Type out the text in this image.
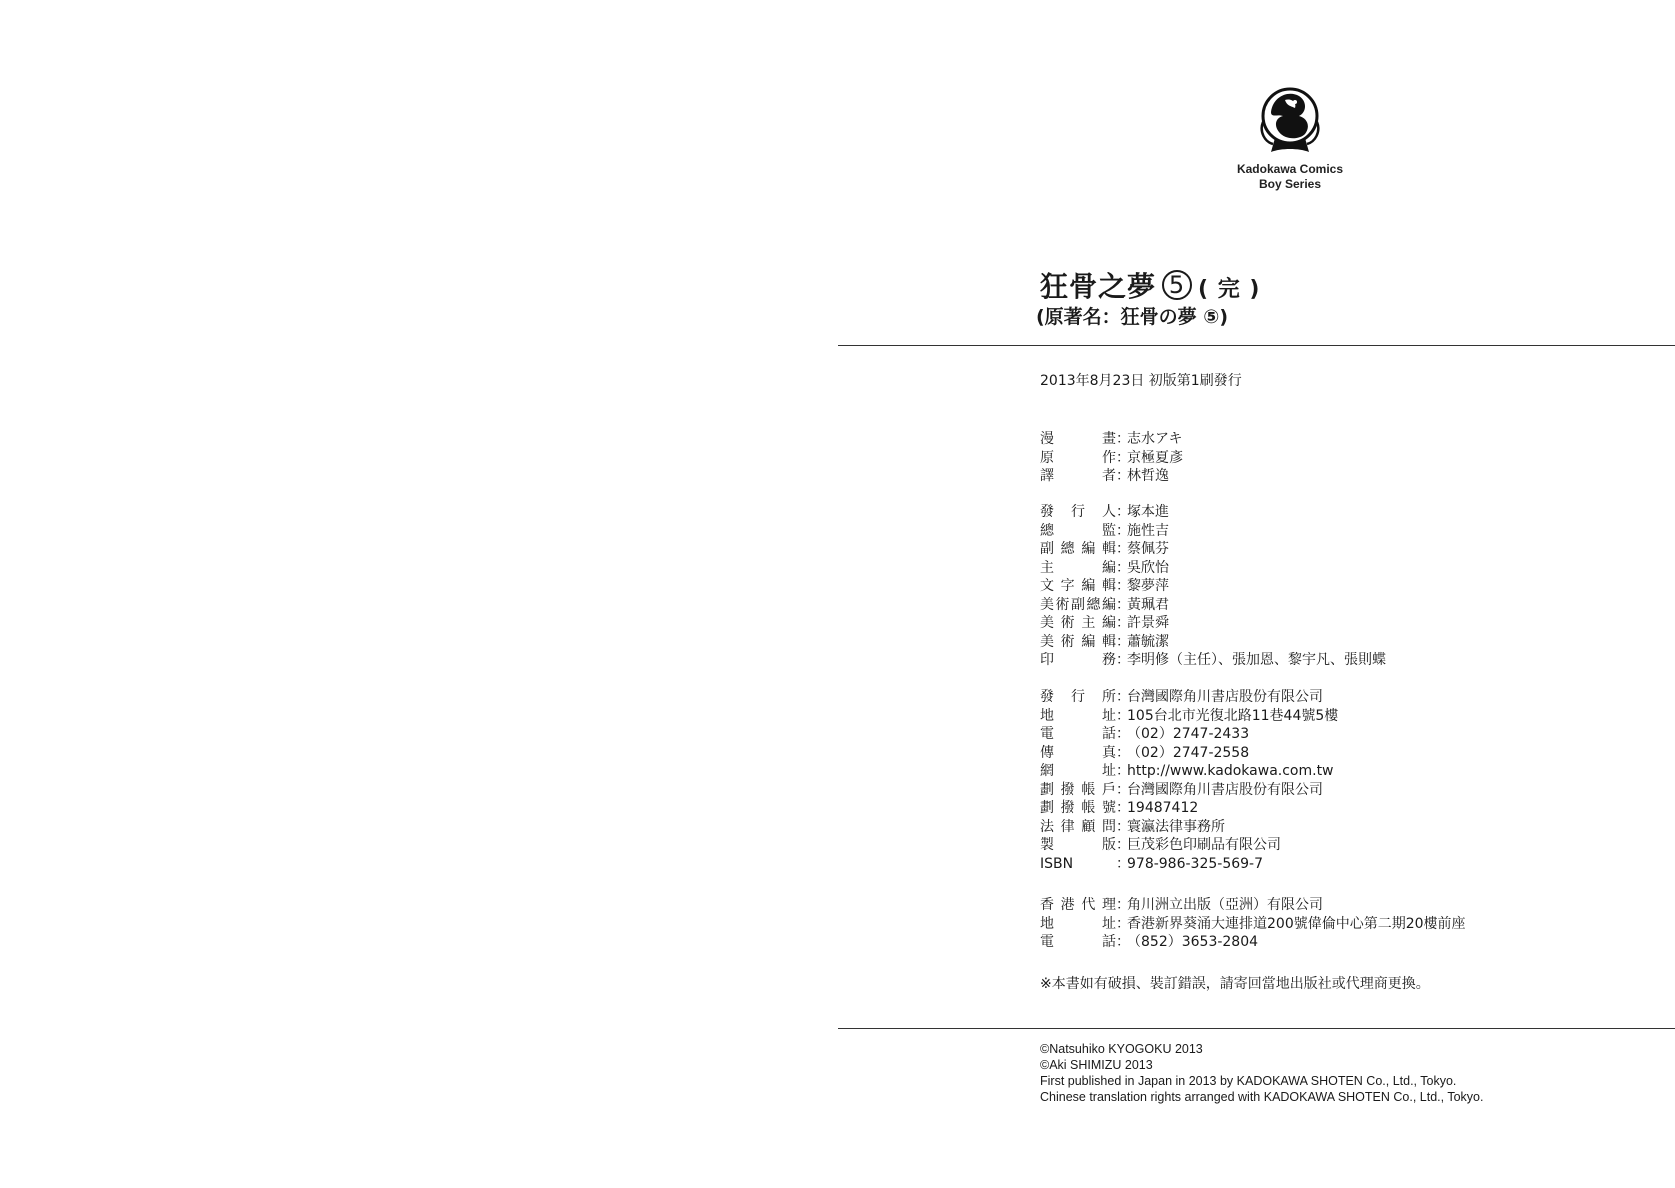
Kadokawa Comics
Boy Series
狂骨之夢 5 ( 完 )
(原著名：狂骨の夢 ⑤)
2013年8月23日 初版第1刷發行
漫畫：志水アキ
原作：京極夏彥
譯者：林哲逸
發行人：塚本進
總監：施性吉
副總編輯：蔡佩芬
主編：吳欣怡
文字編輯：黎夢萍
美術副總編：黃珮君
美術主編：許景舜
美術編輯：蕭毓潔
印務：李明修（主任）、張加恩、黎宇凡、張則蝶
發行所：台灣國際角川書店股份有限公司
地址：105台北市光復北路11巷44號5樓
電話：（02）2747-2433
傳真：（02）2747-2558
網址：http://www.kadokawa.com.tw
劃撥帳戶：台灣國際角川書店股份有限公司
劃撥帳號：19487412
法律顧問：寰瀛法律事務所
製版：巨茂彩色印刷品有限公司
ISBN	：978-986-325-569-7
香港代理：角川洲立出版（亞洲）有限公司
地址：香港新界葵涌大連排道200號偉倫中心第二期20樓前座
電話：（852）3653-2804
※本書如有破損、裝訂錯誤，請寄回當地出版社或代理商更換。
©Natsuhiko KYOGOKU 2013
©Aki SHIMIZU 2013
First published in Japan in 2013 by KADOKAWA SHOTEN Co., Ltd., Tokyo.
Chinese translation rights arranged with KADOKAWA SHOTEN Co., Ltd., Tokyo.
